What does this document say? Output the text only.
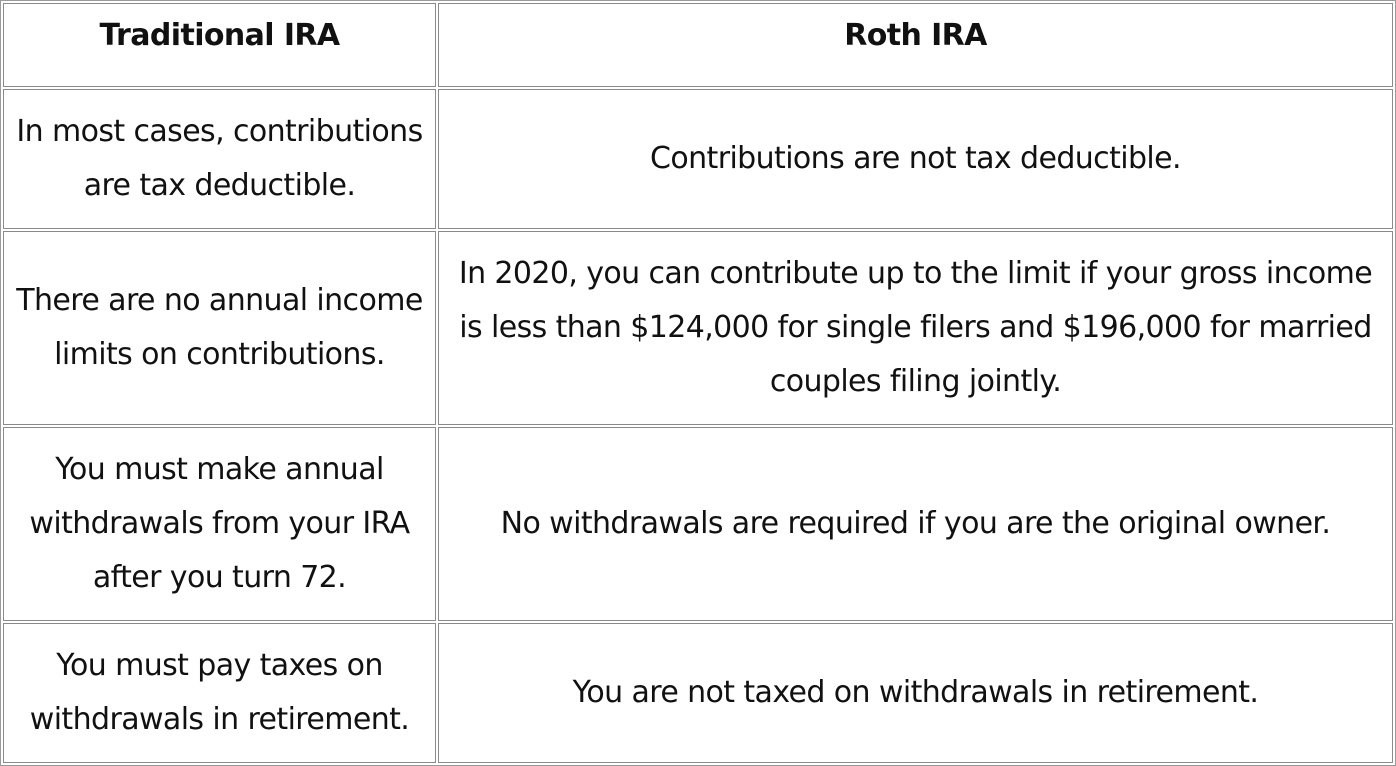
Traditional IRA	Roth IRA
In most cases, contributions are tax deductible.	Contributions are not tax deductible.
There are no annual income limits on contributions.	In 2020, you can contribute up to the limit if your gross income is less than $124,000 for single filers and $196,000 for married couples filing jointly.
You must make annual withdrawals from your IRA after you turn 72.	No withdrawals are required if you are the original owner.
You must pay taxes on withdrawals in retirement.	You are not taxed on withdrawals in retirement.
